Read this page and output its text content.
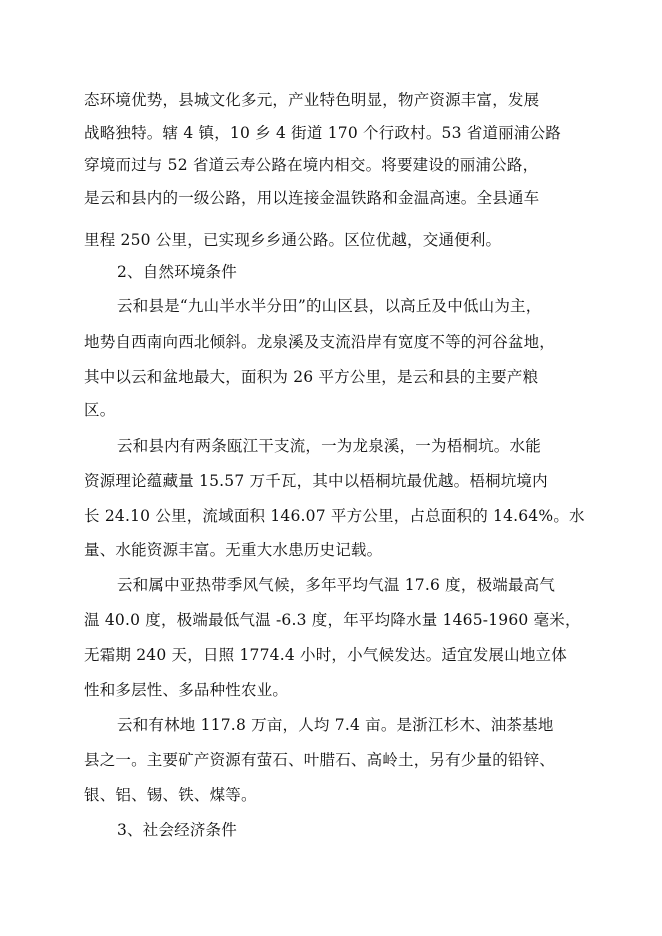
态环境优势，县城文化多元，产业特色明显，物产资源丰富，发展
战略独特。辖 4 镇，10 乡 4 街道 170 个行政村。53 省道丽浦公路
穿境而过与 52 省道云寿公路在境内相交。将要建设的丽浦公路，
是云和县内的一级公路，用以连接金温铁路和金温高速。全县通车
里程 250 公里，已实现乡乡通公路。区位优越，交通便利。
2、自然环境条件
云和县是“九山半水半分田”的山区县，以高丘及中低山为主，
地势自西南向西北倾斜。龙泉溪及支流沿岸有宽度不等的河谷盆地，
其中以云和盆地最大，面积为 26 平方公里，是云和县的主要产粮
区。
云和县内有两条瓯江干支流，一为龙泉溪，一为梧桐坑。水能
资源理论蕴藏量 15.57 万千瓦，其中以梧桐坑最优越。梧桐坑境内
长 24.10 公里，流域面积 146.07 平方公里，占总面积的 14.64%。水
量、水能资源丰富。无重大水患历史记载。
云和属中亚热带季风气候，多年平均气温 17.6 度，极端最高气
温 40.0 度，极端最低气温 -6.3 度，年平均降水量 1465-1960 毫米，
无霜期 240 天，日照 1774.4 小时，小气候发达。适宜发展山地立体
性和多层性、多品种性农业。
云和有林地 117.8 万亩，人均 7.4 亩。是浙江杉木、油茶基地
县之一。主要矿产资源有萤石、叶腊石、高岭土，另有少量的铅锌、
银、铝、锡、铁、煤等。
3、社会经济条件
